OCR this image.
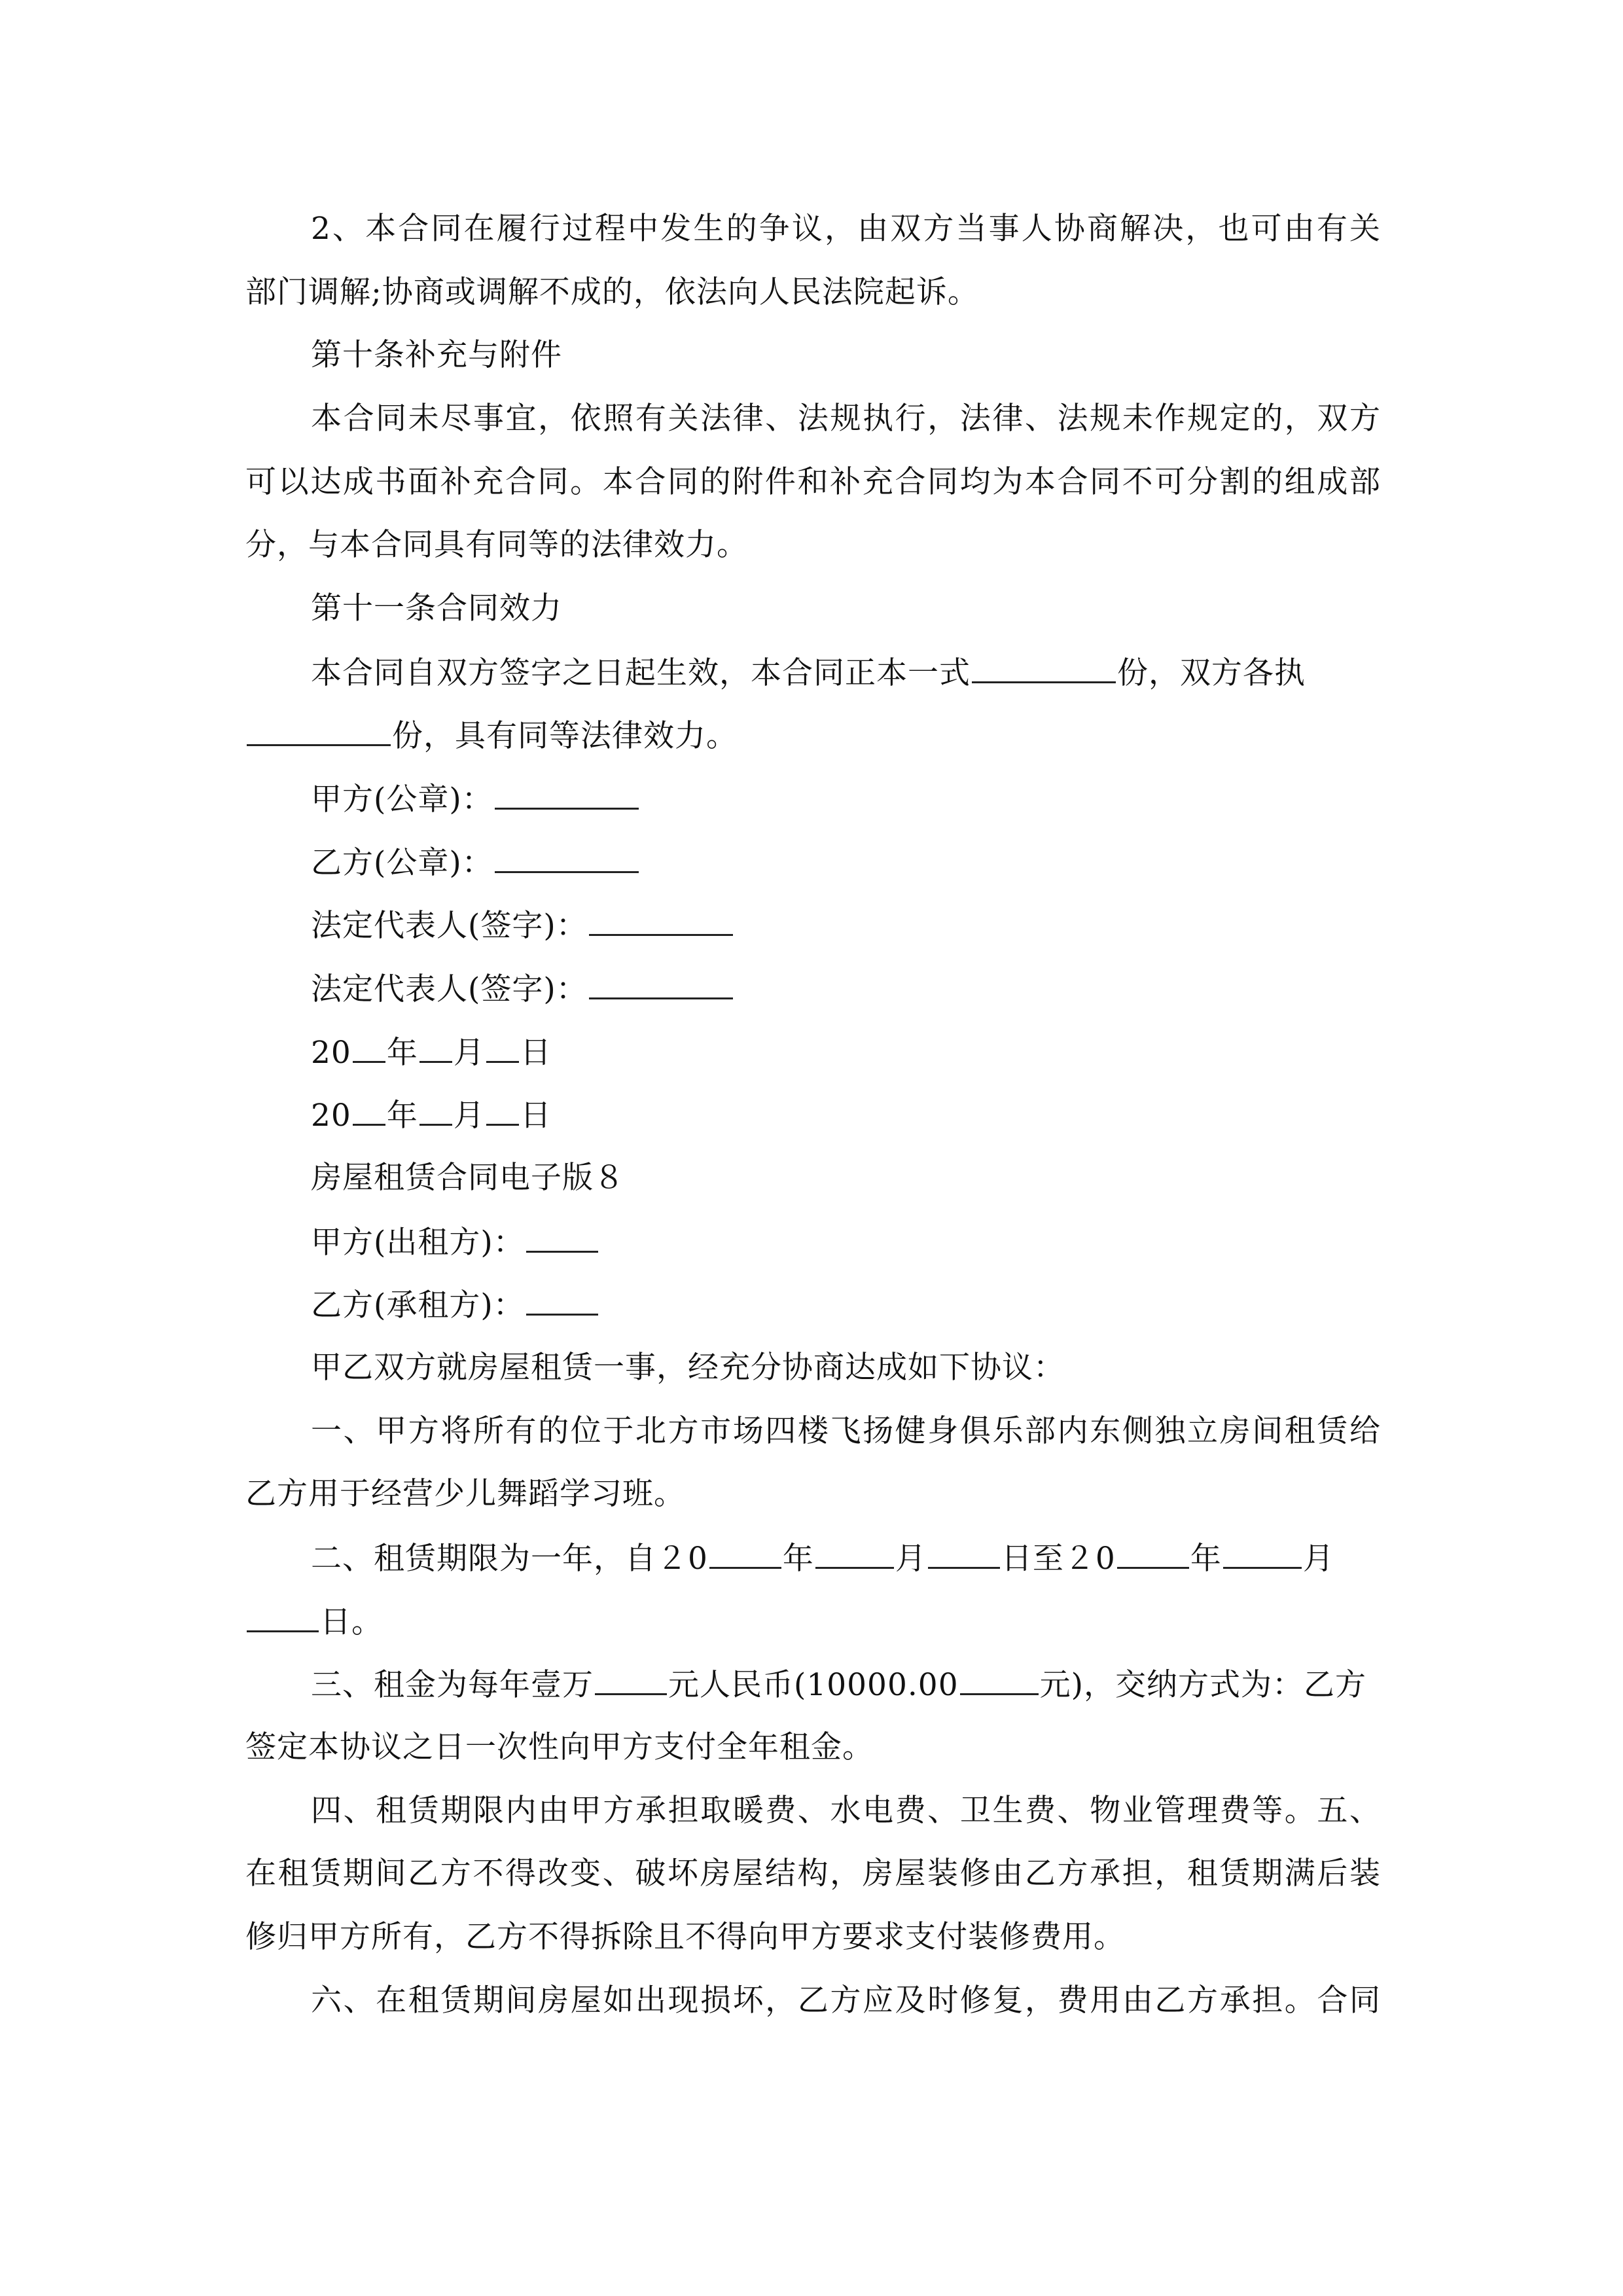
2、本合同在履行过程中发生的争议，由双方当事人协商解决，也可由有关
部门调解;协商或调解不成的，依法向人民法院起诉。
第十条补充与附件
本合同未尽事宜，依照有关法律、法规执行，法律、法规未作规定的，双方
可以达成书面补充合同。本合同的附件和补充合同均为本合同不可分割的组成部
分，与本合同具有同等的法律效力。
第十一条合同效力
本合同自双方签字之日起生效，本合同正本一式	份，双方各执
份，具有同等法律效力。
甲方(公章)：
乙方(公章)：
法定代表人(签字)：
法定代表人(签字)：
20 年 月 日
20 年 月 日
房屋租赁合同电子版８
甲方(出租方)：
乙方(承租方)：
甲乙双方就房屋租赁一事，经充分协商达成如下协议：
一、甲方将所有的位于北方市场四楼飞扬健身俱乐部内东侧独立房间租赁给
乙方用于经营少儿舞蹈学习班。
二、租赁期限为一年，自２0 年	月 日至２0 年	月
日。
三、租金为每年壹万 元人民币(10000.00	元)，交纳方式为：乙方
签定本协议之日一次性向甲方支付全年租金。
四、租赁期限内由甲方承担取暖费、水电费、卫生费、物业管理费等。五、
在租赁期间乙方不得改变、破坏房屋结构，房屋装修由乙方承担，租赁期满后装
修归甲方所有，乙方不得拆除且不得向甲方要求支付装修费用。
六、在租赁期间房屋如出现损坏，乙方应及时修复，费用由乙方承担。合同
